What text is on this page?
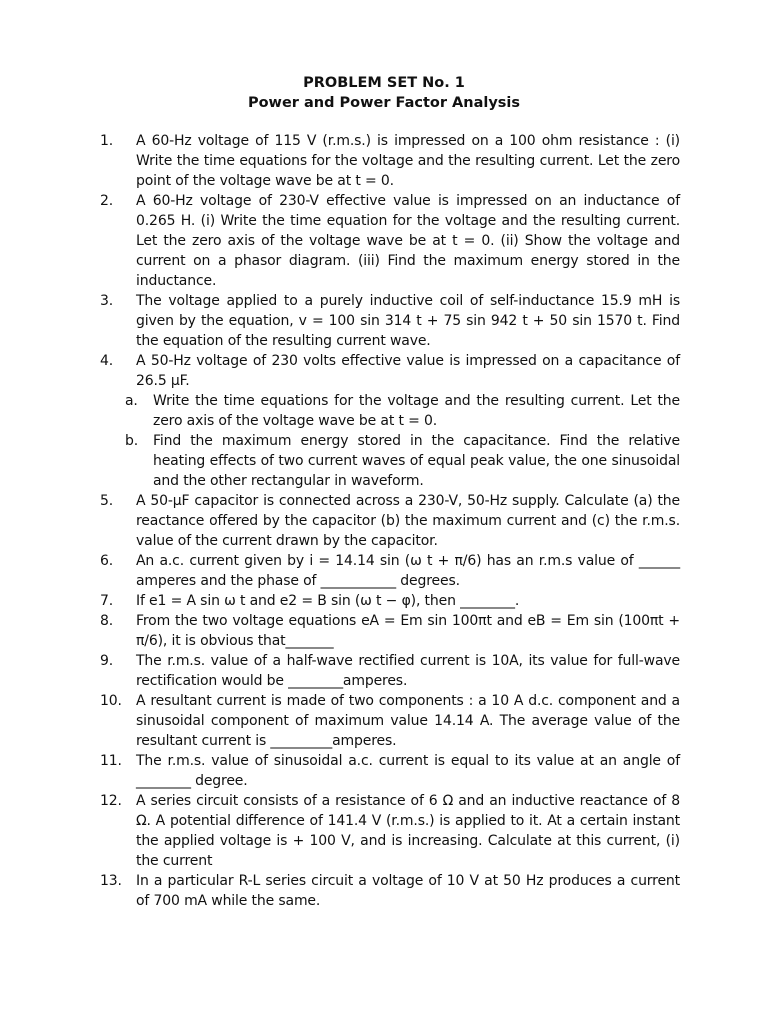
PROBLEM SET No. 1
Power and Power Factor Analysis
1.	A 60-Hz voltage of 115 V (r.m.s.) is impressed on a 100 ohm resistance : (i) Write the time equations for the voltage and the resulting current. Let the zero point of the voltage wave be at t = 0.
2.	A 60-Hz voltage of 230-V effective value is impressed on an inductance of 0.265 H. (i) Write the time equation for the voltage and the resulting current. Let the zero axis of the voltage wave be at t = 0. (ii) Show the voltage and current on a phasor diagram. (iii) Find the maximum energy stored in the inductance.
3.	The voltage applied to a purely inductive coil of self-inductance 15.9 mH is given by the equation, v = 100 sin 314 t + 75 sin 942 t + 50 sin 1570 t. Find the equation of the resulting current wave.
4.	A 50-Hz voltage of 230 volts effective value is impressed on a capacitance of 26.5 μF.
a. Write the time equations for the voltage and the resulting current. Let the zero axis of the voltage wave be at t = 0.
b. Find the maximum energy stored in the capacitance. Find the relative heating effects of two current waves of equal peak value, the one sinusoidal and the other rectangular in waveform.
5.	A 50-μF capacitor is connected across a 230-V, 50-Hz supply. Calculate (a) the reactance offered by the capacitor (b) the maximum current and (c) the r.m.s. value of the current drawn by the capacitor.
6.	An a.c. current given by i = 14.14 sin (ω t + π/6) has an r.m.s value of ______ amperes and the phase of ___________ degrees.
7.	If e1 = A sin ω t and e2 = B sin (ω t − φ), then ________.
8.	From the two voltage equations eA = Em sin 100πt and eB = Em sin (100πt + π/6), it is obvious that_______
9.	The r.m.s. value of a half-wave rectified current is 10A, its value for full-wave rectification would be ________amperes.
10.	A resultant current is made of two components : a 10 A d.c. component and a sinusoidal component of maximum value 14.14 A. The average value of the resultant current is _________amperes.
11.	The r.m.s. value of sinusoidal a.c. current is equal to its value at an angle of ________ degree.
12.	A series circuit consists of a resistance of 6 Ω and an inductive reactance of 8 Ω. A potential difference of 141.4 V (r.m.s.) is applied to it. At a certain instant the applied voltage is + 100 V, and is increasing. Calculate at this current, (i) the current
13.	In a particular R-L series circuit a voltage of 10 V at 50 Hz produces a current of 700 mA while the same.
